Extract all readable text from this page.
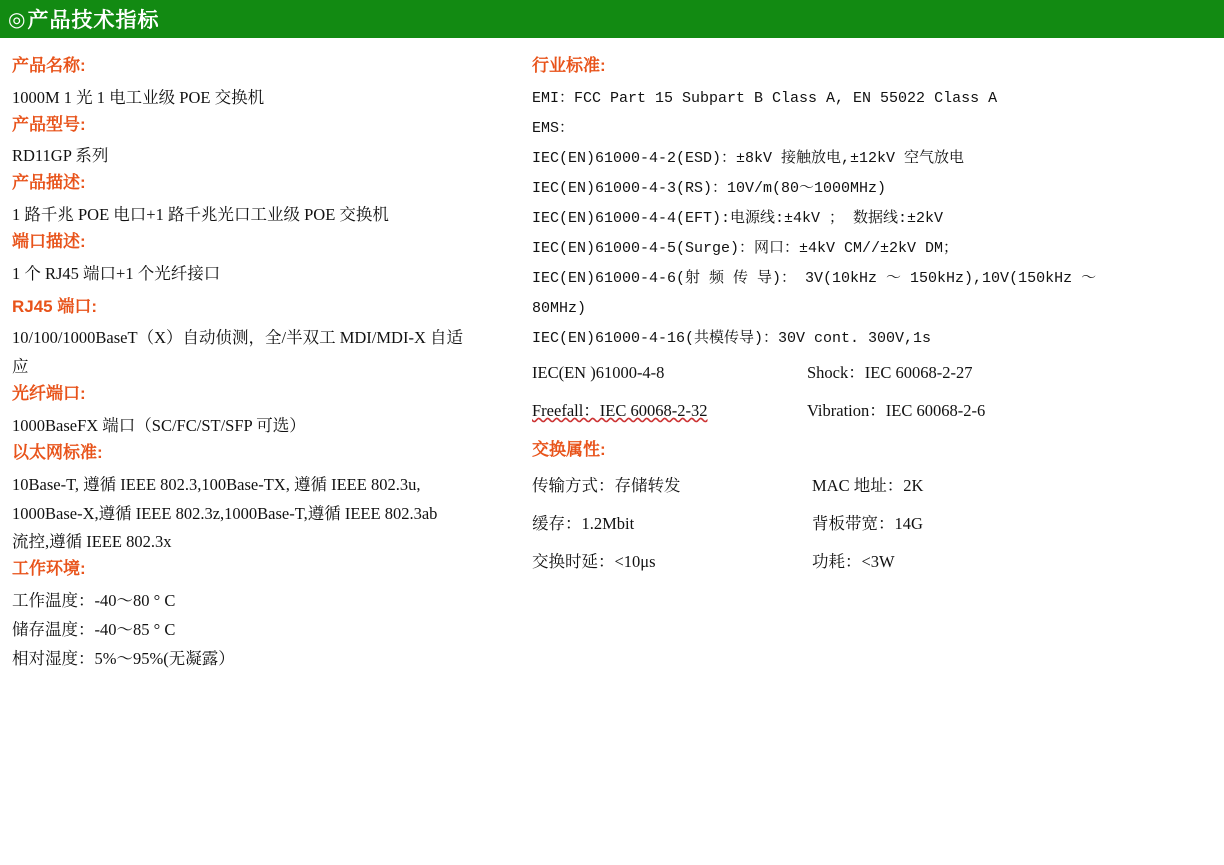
◎ 产品技术指标
产品名称:
1000M 1 光 1 电工业级 POE 交换机
产品型号:
RD11GP 系列
产品描述:
1 路千兆 POE 电口+1 路千兆光口工业级 POE 交换机
端口描述:
1 个 RJ45 端口+1 个光纤接口
RJ45 端口:
10/100/1000BaseT（X）自动侦测，全/半双工 MDI/MDI-X 自适
应
光纤端口:
1000BaseFX 端口（SC/FC/ST/SFP 可选）
以太网标准:
10Base-T, 遵循 IEEE 802.3,100Base-TX, 遵循 IEEE 802.3u,
1000Base-X,遵循 IEEE 802.3z,1000Base-T,遵循 IEEE 802.3ab
流控,遵循 IEEE 802.3x
工作环境:
工作温度：-40～80 ° C
储存温度：-40～85 ° C
相对湿度：5%～95%(无凝露）
行业标准:
EMI：FCC Part 15 Subpart B Class A, EN 55022 Class A
EMS：
IEC(EN)61000-4-2(ESD)：±8kV 接触放电,±12kV 空气放电
IEC(EN)61000-4-3(RS)：10V/m(80～1000MHz)
IEC(EN)61000-4-4(EFT):电源线:±4kV ； 数据线:±2kV
IEC(EN)61000-4-5(Surge)：网口：±4kV CM//±2kV DM；
IEC(EN)61000-4-6(射 频 传 导)： 3V(10kHz ～ 150kHz),10V(150kHz ～
80MHz)
IEC(EN)61000-4-16(共模传导)：30V cont. 300V,1s
IEC(EN )61000-4-8	Shock：IEC 60068-2-27
Freefall：IEC 60068-2-32	Vibration：IEC 60068-2-6
交换属性:
传输方式：存储转发	MAC 地址：2K
缓存：1.2Mbit	背板带宽：14G
交换时延：<10μs	功耗：<3W
